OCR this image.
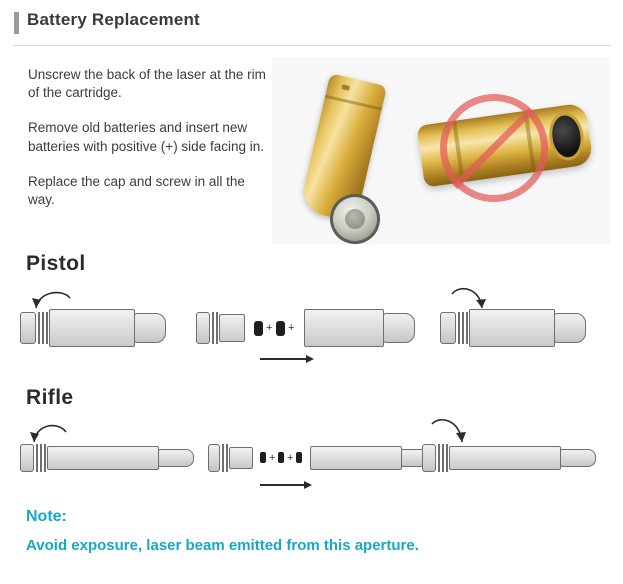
Battery Replacement

Unscrew the back of the laser at the rim of the cartridge.

Remove old batteries and insert new batteries with positive (+) side facing in.

Replace the cap and screw in all the way.

Pistol
+ +
Rifle
+ +
Note:
Avoid exposure, laser beam emitted from this aperture.
